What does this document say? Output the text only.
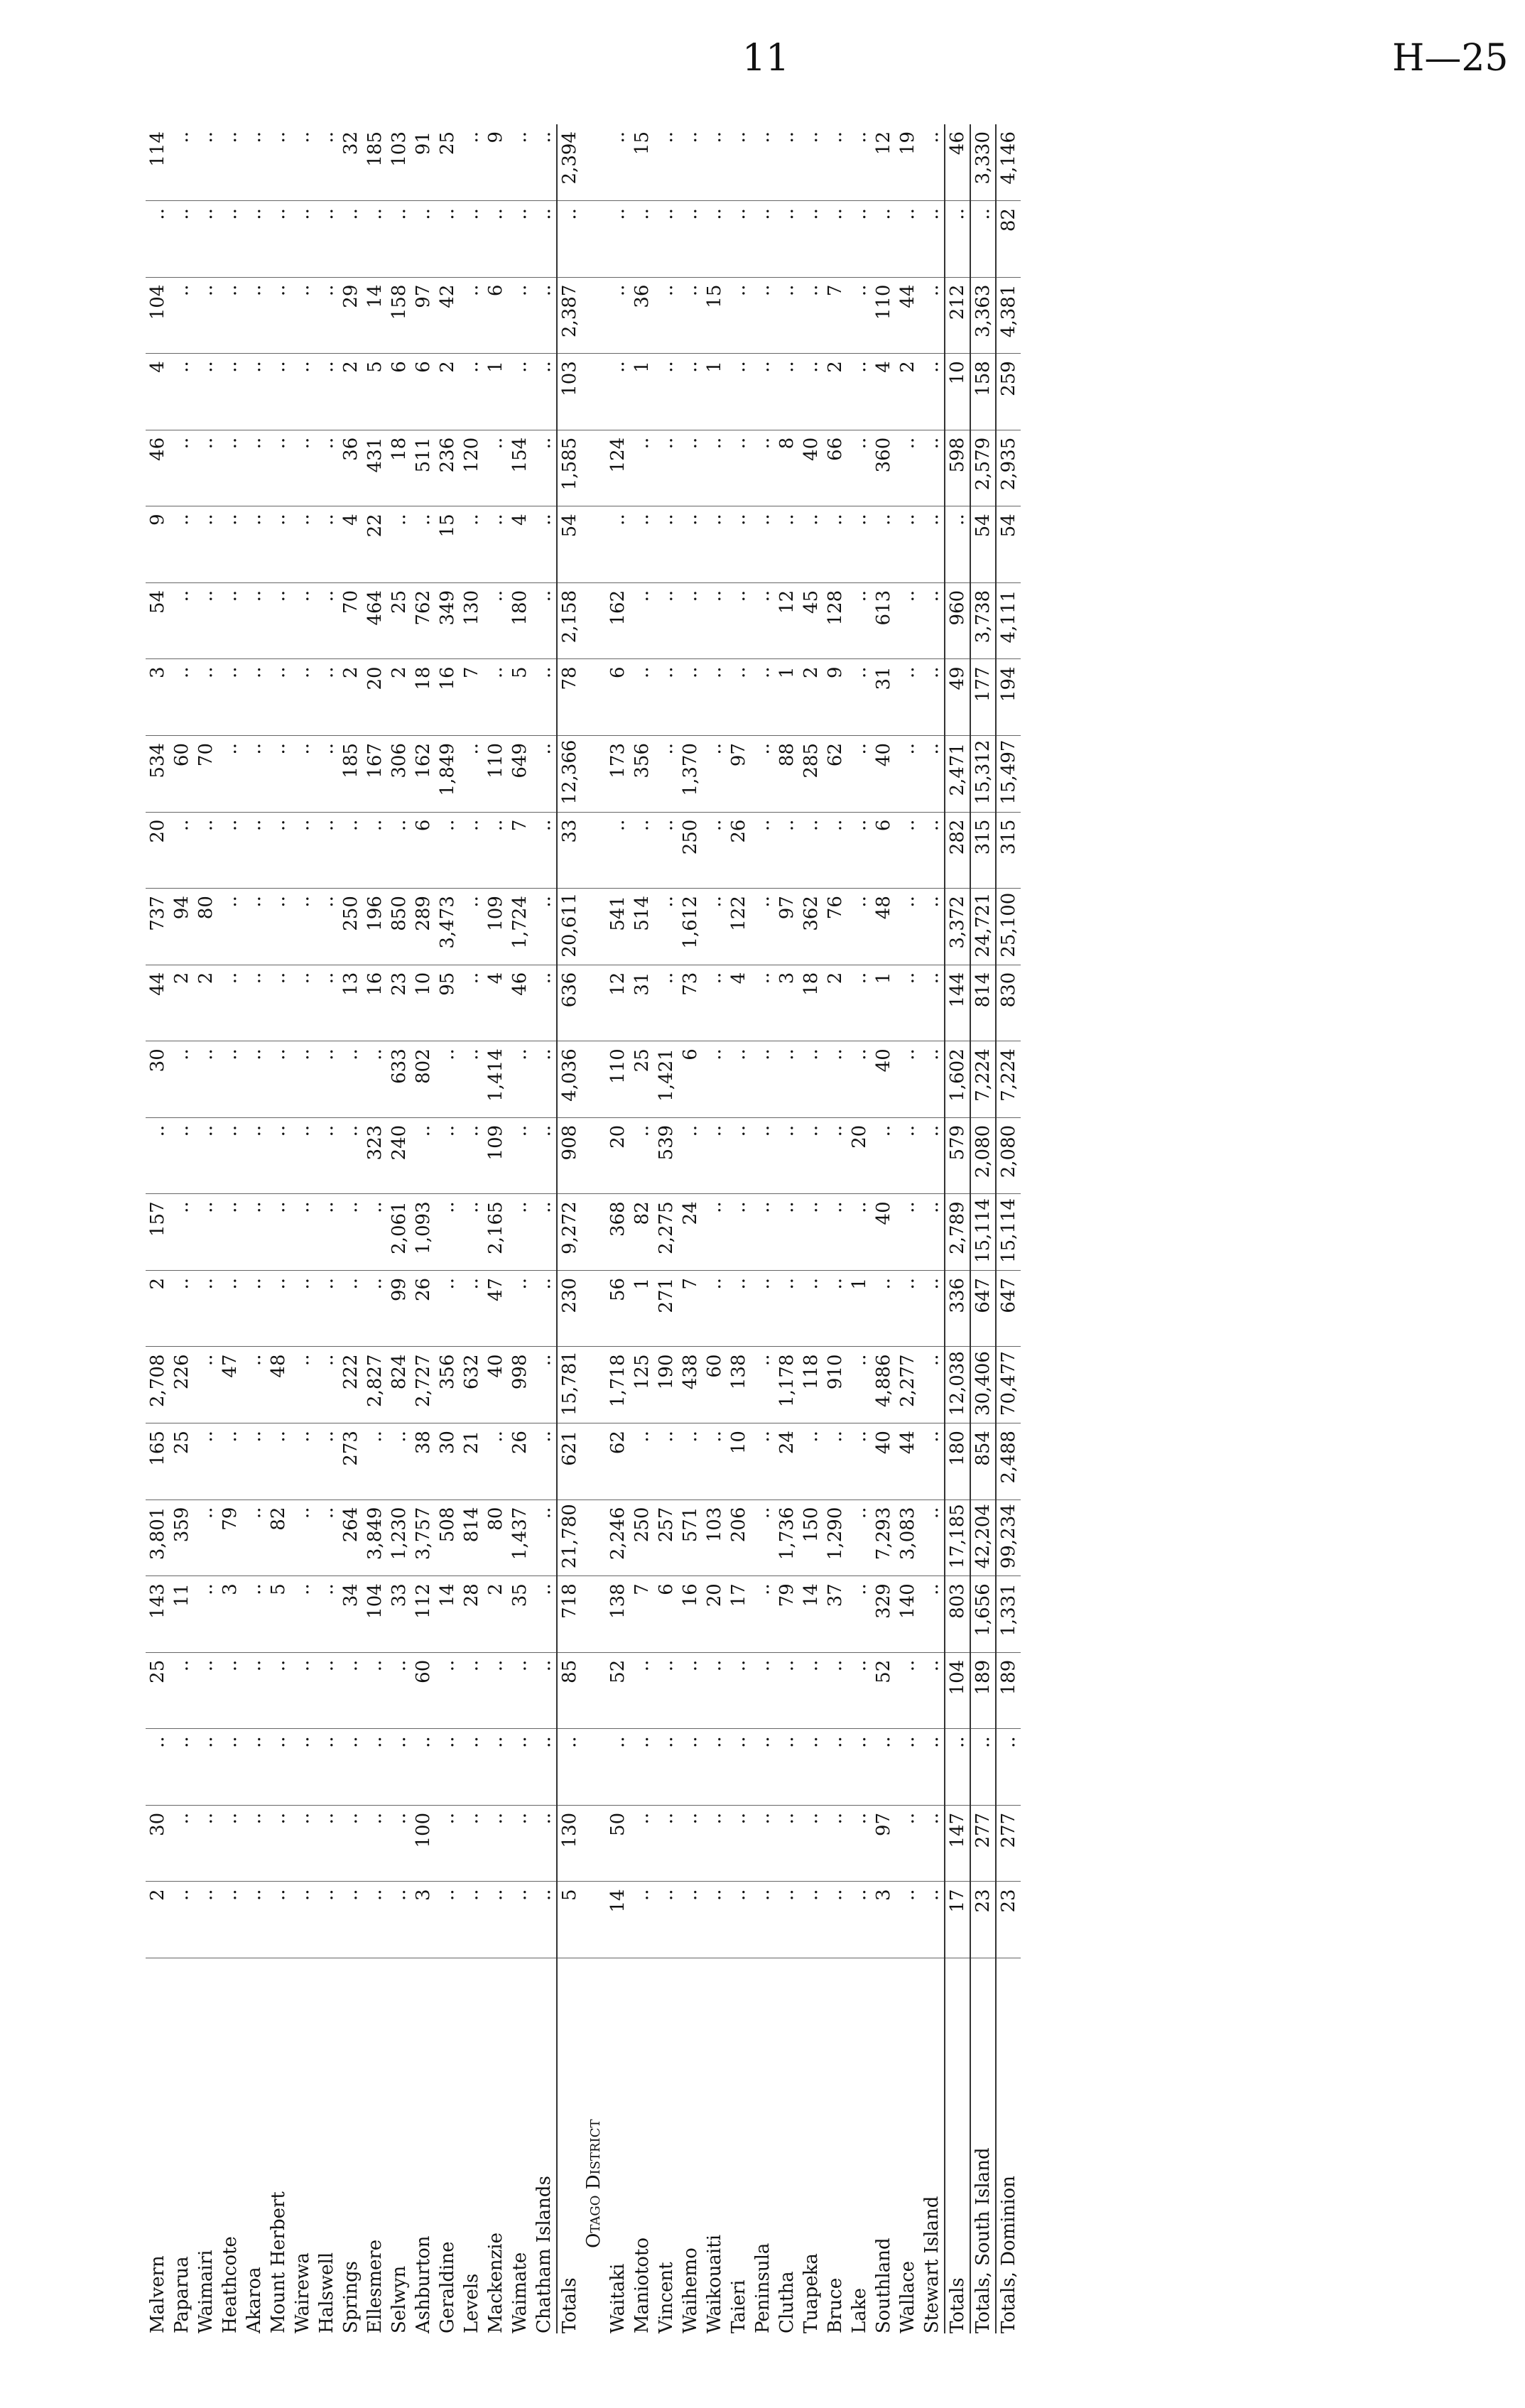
11	H—25
Malvern	2	30	..	25	143	3,801	165	2,708	2	157	..	30	44	737	20	534	3	54	9	46	4	104	..	114
Paparua	..	..	..	..	11	359	25	226	..	..	..	..	2	94	..	60	..	..	..	..	..	..	..	..
Waimairi	..	..	..	..	..	..	..	..	..	..	..	..	2	80	..	70	..	..	..	..	..	..	..	..
Heathcote	..	..	..	..	3	79	..	47	..	..	..	..	..	..	..	..	..	..	..	..	..	..	..	..
Akaroa	..	..	..	..	..	..	..	..	..	..	..	..	..	..	..	..	..	..	..	..	..	..	..	..
Mount Herbert	..	..	..	..	5	82	..	48	..	..	..	..	..	..	..	..	..	..	..	..	..	..	..	..
Wairewa	..	..	..	..	..	..	..	..	..	..	..	..	..	..	..	..	..	..	..	..	..	..	..	..
Halswell	..	..	..	..	..	..	..	..	..	..	..	..	..	..	..	..	..	..	..	..	..	..	..	..
Springs	..	..	..	..	34	264	273	222	..	..	..	..	13	250	..	185	2	70	4	36	2	29	..	32
Ellesmere	..	..	..	..	104	3,849	..	2,827	..	..	323	..	16	196	..	167	20	464	22	431	5	14	..	185
Selwyn	..	..	..	..	33	1,230	..	824	99	2,061	240	633	23	850	..	306	2	25	..	18	6	158	..	103
Ashburton	3	100	..	60	112	3,757	38	2,727	26	1,093	..	802	10	289	6	162	18	762	..	511	6	97	..	91
Geraldine	..	..	..	..	14	508	30	356	..	..	..	..	95	3,473	..	1,849	16	349	15	236	2	42	..	25
Levels	..	..	..	..	28	814	21	632	..	..	..	..	..	..	..	..	7	130	..	120	..	..	..	..
Mackenzie	..	..	..	..	2	80	..	40	47	2,165	109	1,414	4	109	..	110	..	..	..	..	1	6	..	9
Waimate	..	..	..	..	35	1,437	26	998	..	..	..	..	46	1,724	7	649	5	180	4	154	..	..	..	..
Chatham Islands	..	..	..	..	..	..	..	..	..	..	..	..	..	..	..	..	..	..	..	..	..	..	..	..
Totals	5	130	..	85	718	21,780	621	15,781	230	9,272	908	4,036	636	20,611	33	12,366	78	2,158	54	1,585	103	2,387	..	2,394
Otago District																								
Waitaki	14	50	..	52	138	2,246	62	1,718	56	368	20	110	12	541	..	173	6	162	..	124	..	..	..	..
Maniototo	..	..	..	..	7	250	..	125	1	82	..	25	31	514	..	356	..	..	..	..	1	36	..	15
Vincent	..	..	..	..	6	257	..	190	271	2,275	539	1,421	..	..	..	..	..	..	..	..	..	..	..	..
Waihemo	..	..	..	..	16	571	..	438	7	24	..	6	73	1,612	250	1,370	..	..	..	..	..	..	..	..
Waikouaiti	..	..	..	..	20	103	..	60	..	..	..	..	..	..	..	..	..	..	..	..	1	15	..	..
Taieri	..	..	..	..	17	206	10	138	..	..	..	..	4	122	26	97	..	..	..	..	..	..	..	..
Peninsula	..	..	..	..	..	..	..	..	..	..	..	..	..	..	..	..	..	..	..	..	..	..	..	..
Clutha	..	..	..	..	79	1,736	24	1,178	..	..	..	..	3	97	..	88	1	12	..	8	..	..	..	..
Tuapeka	..	..	..	..	14	150	..	118	..	..	..	..	18	362	..	285	2	45	..	40	..	..	..	..
Bruce	..	..	..	..	37	1,290	..	910	..	..	..	..	2	76	..	62	9	128	..	66	2	7	..	..
Lake	..	..	..	..	..	..	..	..	1	..	20	..	..	..	..	..	..	..	..	..	..	..	..	..
Southland	3	97	..	52	329	7,293	40	4,886	..	40	..	40	1	48	6	40	31	613	..	360	4	110	..	12
Wallace	..	..	..	..	140	3,083	44	2,277	..	..	..	..	..	..	..	..	..	..	..	..	2	44	..	19
Stewart Island	..	..	..	..	..	..	..	..	..	..	..	..	..	..	..	..	..	..	..	..	..	..	..	..
Totals	17	147	..	104	803	17,185	180	12,038	336	2,789	579	1,602	144	3,372	282	2,471	49	960	..	598	10	212	..	46
Totals, South Island	23	277	..	189	1,656	42,204	854	30,406	647	15,114	2,080	7,224	814	24,721	315	15,312	177	3,738	54	2,579	158	3,363	..	3,330
Totals, Dominion	23	277	..	189	1,331	99,234	2,488	70,477	647	15,114	2,080	7,224	830	25,100	315	15,497	194	4,111	54	2,935	259	4,381	82	4,146
